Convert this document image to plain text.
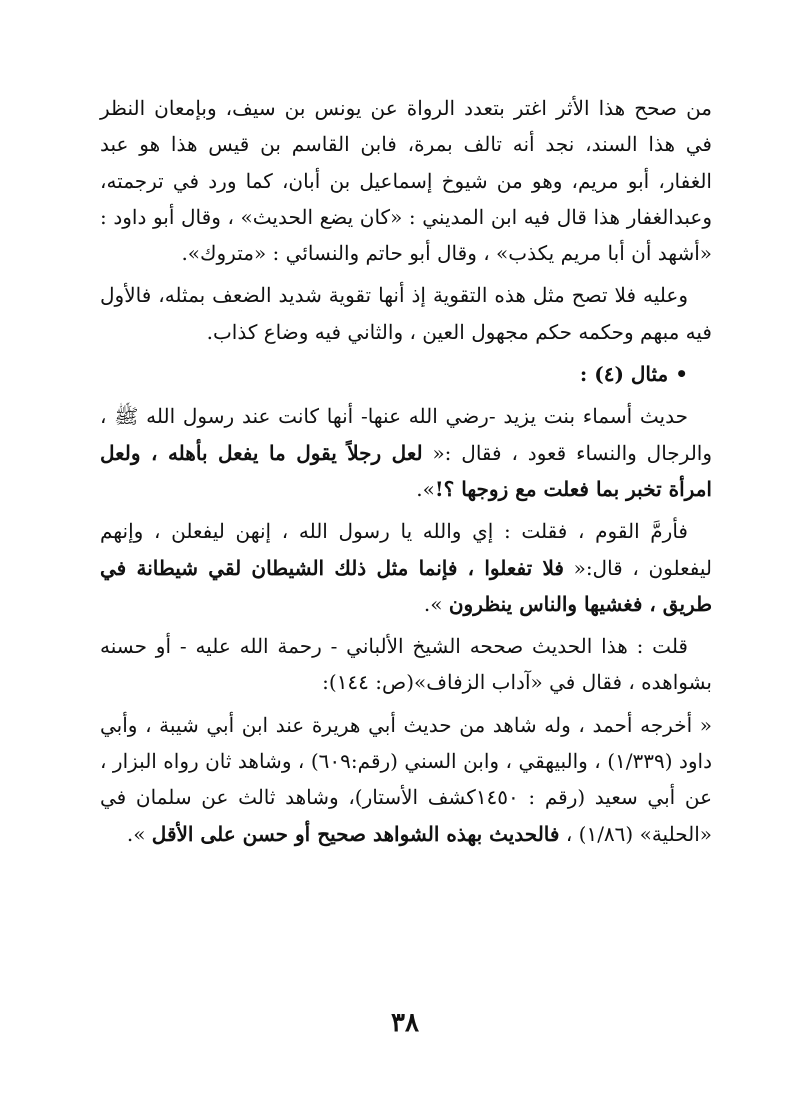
من صحح هذا الأثر اغتر بتعدد الرواة عن يونس بن سيف، وبإمعان النظر في هذا السند، نجد أنه تالف بمرة، فابن القاسم بن قيس هذا هو عبد الغفار، أبو مريم، وهو من شيوخ إسماعيل بن أبان، كما ورد في ترجمته، وعبدالغفار هذا قال فيه ابن المديني : «كان يضع الحديث» ، وقال أبو داود : «أشهد أن أبا مريم يكذب» ، وقال أبو حاتم والنسائي : «متروك».

وعليه فلا تصح مثل هذه التقوية إذ أنها تقوية شديد الضعف بمثله، فالأول فيه مبهم وحكمه حكم مجهول العين ، والثاني فيه وضاع كذاب.

• مثال (٤) :

حديث أسماء بنت يزيد -رضي الله عنها- أنها كانت عند رسول الله ﷺ ، والرجال والنساء قعود ، فقال :« لعل رجلاً يقول ما يفعل بأهله ، ولعل امرأة تخبر بما فعلت مع زوجها ؟!».

فأرمَّ القوم ، فقلت : إي والله يا رسول الله ، إنهن ليفعلن ، وإنهم ليفعلون ، قال:« فلا تفعلوا ، فإنما مثل ذلك الشيطان لقي شيطانة في طريق ، فغشيها والناس ينظرون ».

قلت : هذا الحديث صححه الشيخ الألباني - رحمة الله عليه - أو حسنه بشواهده ، فقال في «آداب الزفاف»(ص: ١٤٤):

« أخرجه أحمد ، وله شاهد من حديث أبي هريرة عند ابن أبي شيبة ، وأبي داود (١/٣٣٩) ، والبيهقي ، وابن السني (رقم:٦٠٩) ، وشاهد ثان رواه البزار ، عن أبي سعيد (رقم : ١٤٥٠كشف الأستار)، وشاهد ثالث عن سلمان في «الحلية» (١/٨٦) ، فالحديث بهذه الشواهد صحيح أو حسن على الأقل ».

٣٨
